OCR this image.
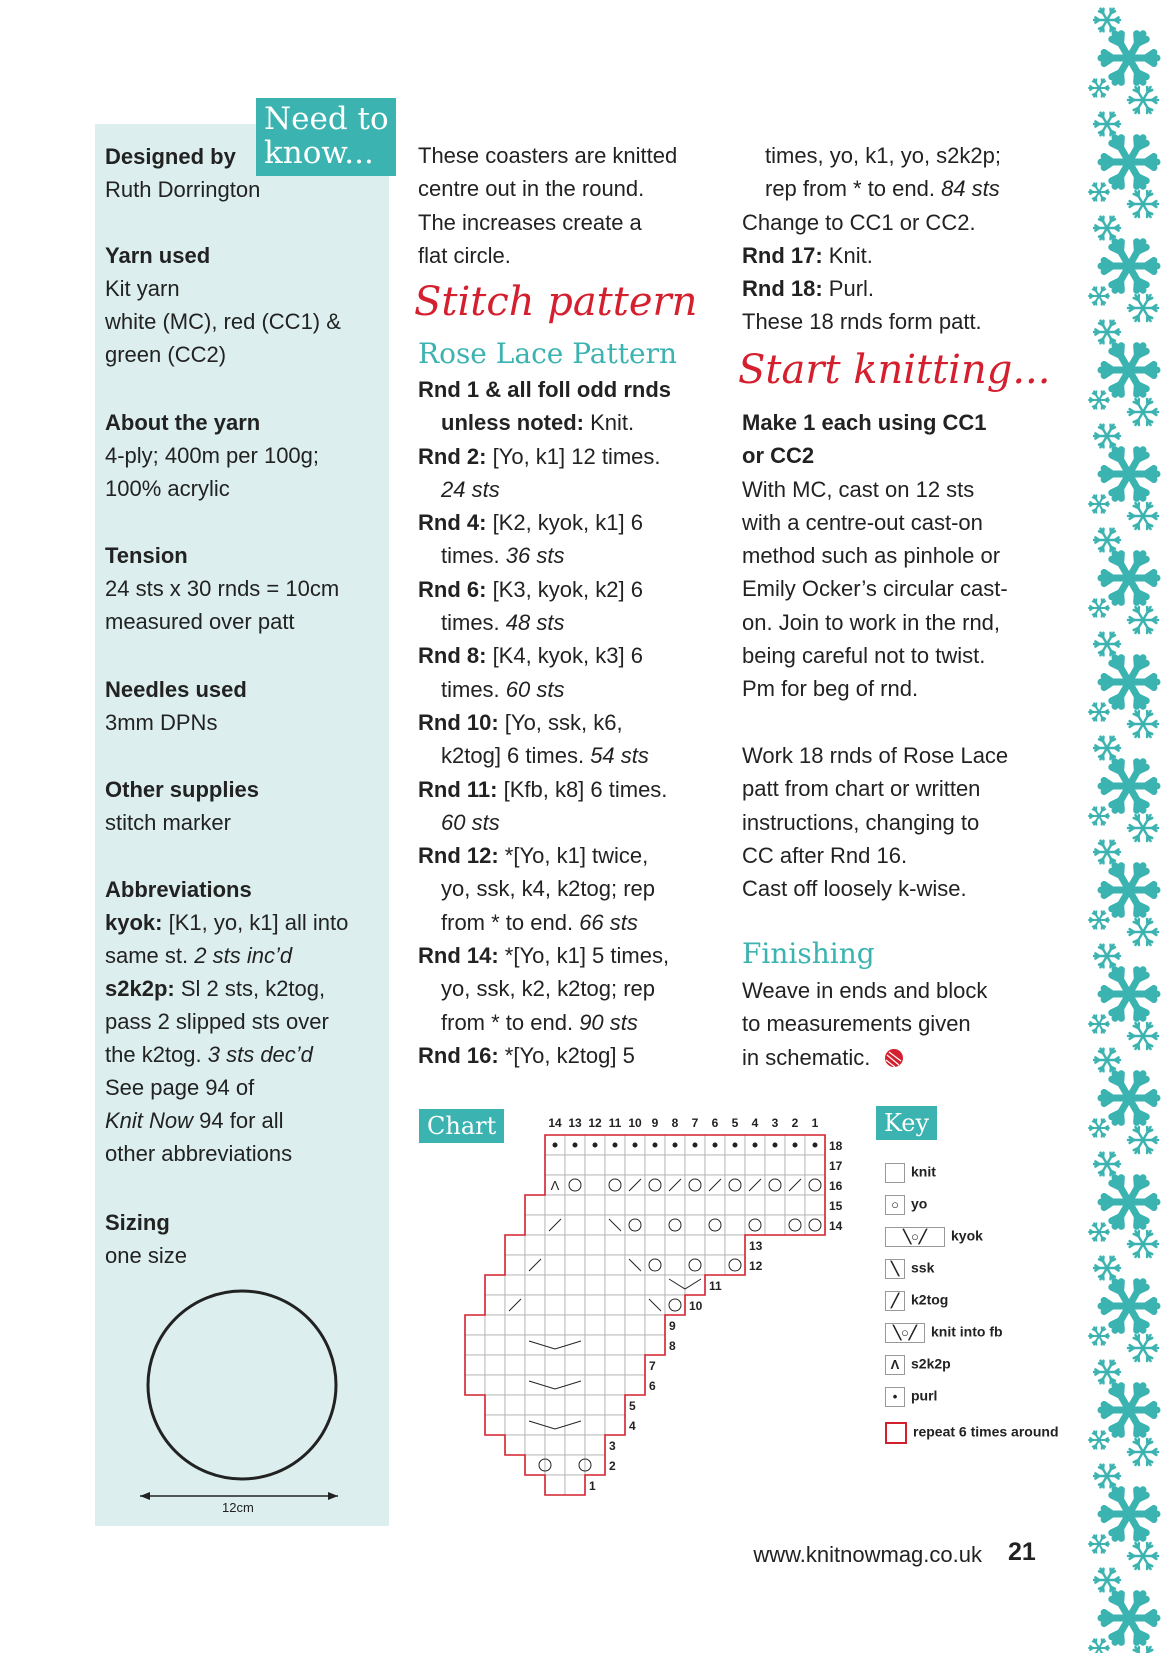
Need to know...
Designed by
Ruth Dorrington
Yarn used
Kit yarn
white (MC), red (CC1) &
green (CC2)
About the yarn
4-ply; 400m per 100g;
100% acrylic
Tension
24 sts x 30 rnds = 10cm
measured over patt
Needles used
3mm DPNs
Other supplies
stitch marker
Abbreviations
kyok: [K1, yo, k1] all into
same st. 2 sts inc’d
s2k2p: Sl 2 sts, k2tog,
pass 2 slipped sts over
the k2tog. 3 sts dec’d
See page 94 of
Knit Now 94 for all
other abbreviations
Sizing
one size
12cm

These coasters are knitted

centre out in the round.

The increases create a

flat circle.

Stitch pattern
Rose Lace Pattern

Rnd 1 & all foll odd rnds

unless noted: Knit.

Rnd 2: [Yo, k1] 12 times.

24 sts

Rnd 4: [K2, kyok, k1] 6

times. 36 sts

Rnd 6: [K3, kyok, k2] 6

times. 48 sts

Rnd 8: [K4, kyok, k3] 6

times. 60 sts

Rnd 10: [Yo, ssk, k6,

k2tog] 6 times. 54 sts

Rnd 11: [Kfb, k8] 6 times.

60 sts

Rnd 12: *[Yo, k1] twice,

yo, ssk, k4, k2tog; rep

from * to end. 66 sts

Rnd 14: *[Yo, k1] 5 times,

yo, ssk, k2, k2tog; rep

from * to end. 90 sts

Rnd 16: *[Yo, k2tog] 5

times, yo, k1, yo, s2k2p;

rep from * to end. 84 sts

Change to CC1 or CC2.

Rnd 17: Knit.

Rnd 18: Purl.

These 18 rnds form patt.

Start knitting...

Make 1 each using CC1

or CC2

With MC, cast on 12 sts

with a centre-out cast-on

method such as pinhole or

Emily Ocker’s circular cast-

on. Join to work in the rnd,

being careful not to twist.

Pm for beg of rnd.

Work 18 rnds of Rose Lace

patt from chart or written

instructions, changing to

CC after Rnd 16.

Cast off loosely k-wise.

Finishing

Weave in ends and block

to measurements given

in schematic.

Chart
18
17
16
15
14
13
12
11
10
9
8
7
6
5
4
3
2
1
14 13 12 11 10 9 8 7 6 5 4 3 2 1
Λ
Key
knit
○ yo
╲○╱ kyok
╲ ssk
╱ k2tog
╲○╱ knit into fb
Λ s2k2p
• purl
repeat 6 times around
www.knitnowmag.co.uk 21
